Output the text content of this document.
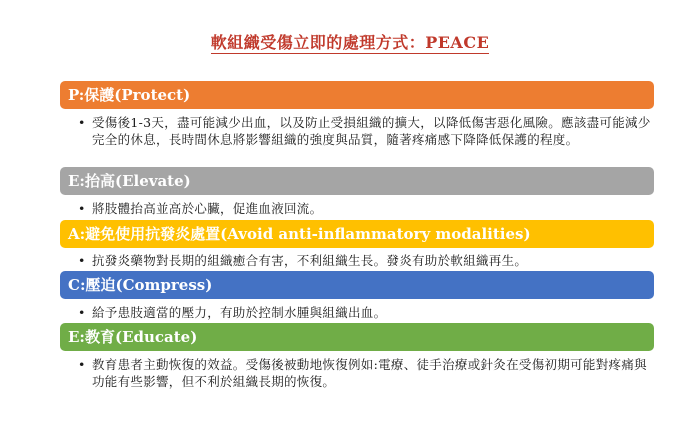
軟組織受傷立即的處理方式：PEACE
P:保護(Protect)
• 受傷後1-3天，盡可能減少出血，以及防止受損組織的擴大，以降低傷害惡化風險。應該盡可能減少完全的休息，長時間休息將影響組織的強度與品質，隨著疼痛感下降降低保護的程度。
E:抬高(Elevate)
• 將肢體抬高並高於心臟，促進血液回流。
A:避免使用抗發炎處置(Avoid anti-inflammatory modalities)
• 抗發炎藥物對長期的組織癒合有害，不利組織生長。發炎有助於軟組織再生。
C:壓迫(Compress)
• 給予患肢適當的壓力，有助於控制水腫與組織出血。
E:教育(Educate)
• 教育患者主動恢復的效益。受傷後被動地恢復例如:電療、徒手治療或針灸在受傷初期可能對疼痛與功能有些影響，但不利於組織長期的恢復。
